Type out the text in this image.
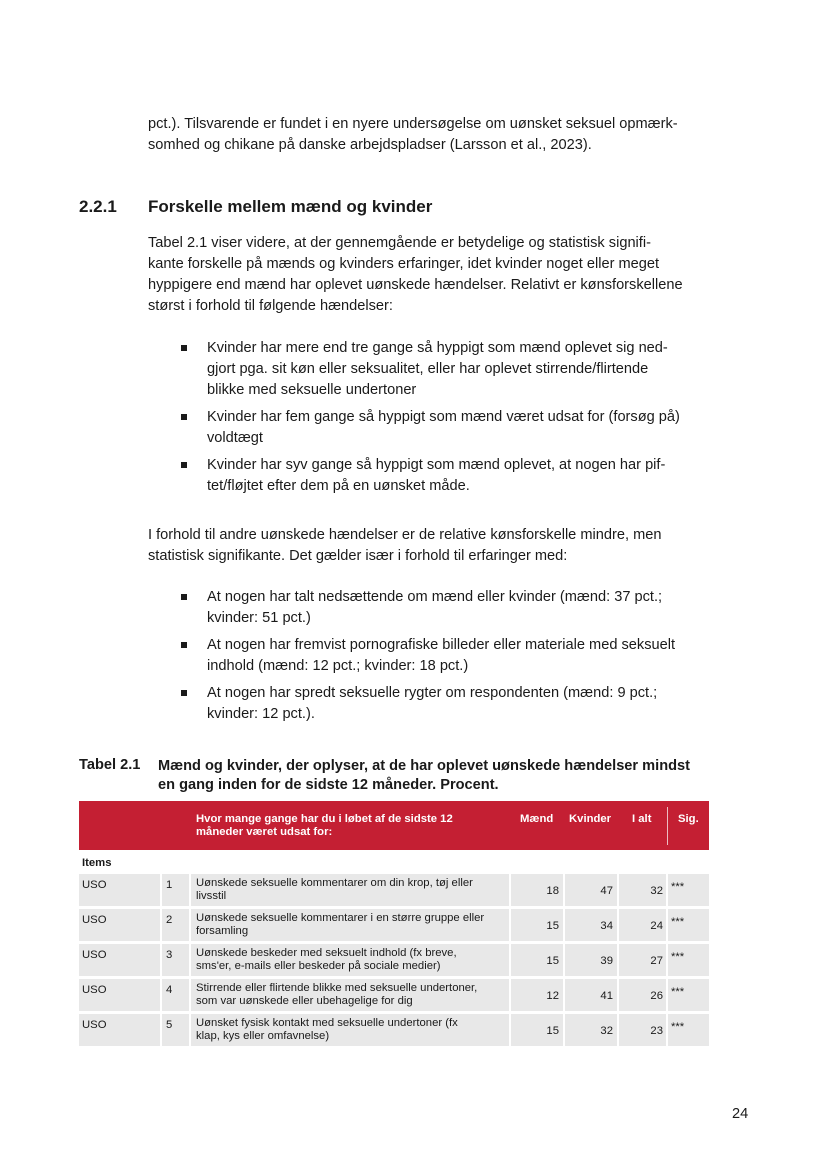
pct.). Tilsvarende er fundet i en nyere undersøgelse om uønsket seksuel opmærk-
somhed og chikane på danske arbejdspladser (Larsson et al., 2023).

2.2.1 Forskelle mellem mænd og kvinder

Tabel 2.1 viser videre, at der gennemgående er betydelige og statistisk signifi-
kante forskelle på mænds og kvinders erfaringer, idet kvinder noget eller meget
hyppigere end mænd har oplevet uønskede hændelser. Relativt er kønsforskellene
størst i forhold til følgende hændelser:

Kvinder har mere end tre gange så hyppigt som mænd oplevet sig ned-
gjort pga. sit køn eller seksualitet, eller har oplevet stirrende/flirtende
blikke med seksuelle undertoner
Kvinder har fem gange så hyppigt som mænd været udsat for (forsøg på)
voldtægt
Kvinder har syv gange så hyppigt som mænd oplevet, at nogen har pif-
tet/fløjtet efter dem på en uønsket måde.

I forhold til andre uønskede hændelser er de relative kønsforskelle mindre, men
statistisk signifikante. Det gælder især i forhold til erfaringer med:

At nogen har talt nedsættende om mænd eller kvinder (mænd: 37 pct.;
kvinder: 51 pct.)
At nogen har fremvist pornografiske billeder eller materiale med seksuelt
indhold (mænd: 12 pct.; kvinder: 18 pct.)
At nogen har spredt seksuelle rygter om respondenten (mænd: 9 pct.;
kvinder: 12 pct.).

Tabel 2.1 Mænd og kvinder, der oplyser, at de har oplevet uønskede hændelser mindst
en gang inden for de sidste 12 måneder. Procent.

Hvor mange gange har du i løbet af de sidste 12
måneder været udsat for:
Mænd Kvinder I alt Sig.
Items
USO	1	Uønskede seksuelle kommentarer om din krop, tøj eller
livsstil	18	47	32 ***
USO	2	Uønskede seksuelle kommentarer i en større gruppe eller
forsamling	15	34	24 ***
USO	3	Uønskede beskeder med seksuelt indhold (fx breve,
sms'er, e-mails eller beskeder på sociale medier)	15	39	27 ***
USO	4	Stirrende eller flirtende blikke med seksuelle undertoner,
som var uønskede eller ubehagelige for dig	12	41	26 ***
USO	5	Uønsket fysisk kontakt med seksuelle undertoner (fx
klap, kys eller omfavnelse)	15	32	23 ***

24
